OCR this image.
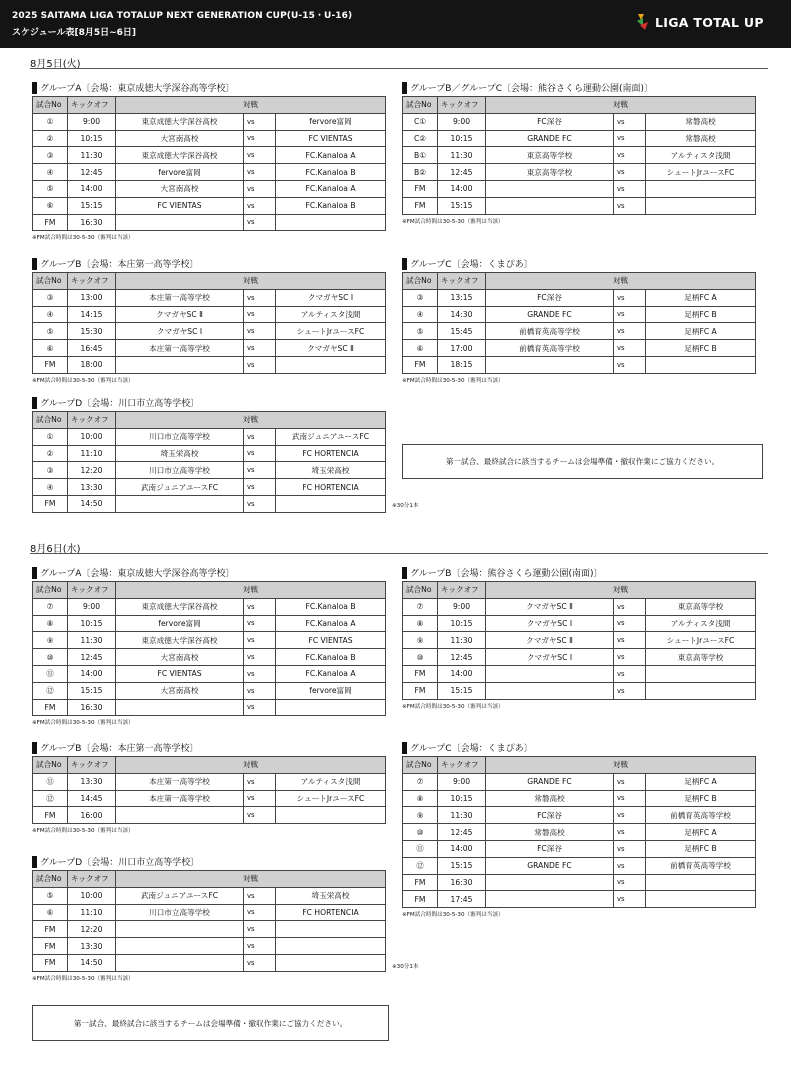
2025 SAITAMA LIGA TOTALUP NEXT GENERATION CUP(U-15・U-16)
スケジュール表[8月5日~6日]
LIGA TOTAL UP
8月5日(火)
グループA〔会場：東京成徳大学深谷高等学校〕
試合No	キックオフ	対戦		
①	9:00	東京成徳大学深谷高校	vs	fervore富岡
②	10:15	大宮南高校	vs	FC VIENTAS
③	11:30	東京成徳大学深谷高校	vs	FC.Kanaloa A
④	12:45	fervore富岡	vs	FC.Kanaloa B
⑤	14:00	大宮南高校	vs	FC.Kanaloa A
⑥	15:15	FC VIENTAS	vs	FC.Kanaloa B
FM	16:30		vs	
※FM試合時間は30-5-30（審判は当該）
グループB／グループC〔会場：熊谷さくら運動公園(南面)〕
試合No	キックオフ	対戦		
C①	9:00	FC深谷	vs	常磐高校
C②	10:15	GRANDE FC	vs	常磐高校
B①	11:30	東京高等学校	vs	アルティスタ浅間
B②	12:45	東京高等学校	vs	シュートJrユースFC
FM	14:00		vs	
FM	15:15		vs	
※FM試合時間は30-5-30（審判は当該）
グループB〔会場：本庄第一高等学校〕
試合No	キックオフ	対戦		
③	13:00	本庄第一高等学校	vs	クマガヤSC Ⅰ
④	14:15	クマガヤSC Ⅱ	vs	アルティスタ浅間
⑤	15:30	クマガヤSC Ⅰ	vs	シュートJrユースFC
⑥	16:45	本庄第一高等学校	vs	クマガヤSC Ⅱ
FM	18:00		vs	
※FM試合時間は30-5-30（審判は当該）
グループC〔会場：くまぴあ〕
試合No	キックオフ	対戦		
③	13:15	FC深谷	vs	足柄FC A
④	14:30	GRANDE FC	vs	足柄FC B
⑤	15:45	前橋育英高等学校	vs	足柄FC A
⑥	17:00	前橋育英高等学校	vs	足柄FC B
FM	18:15		vs	
※FM試合時間は30-5-30（審判は当該）
グループD〔会場：川口市立高等学校〕
試合No	キックオフ	対戦		
①	10:00	川口市立高等学校	vs	武南ジュニアユースFC
②	11:10	埼玉栄高校	vs	FC HORTENCIA
③	12:20	川口市立高等学校	vs	埼玉栄高校
④	13:30	武南ジュニアユースFC	vs	FC HORTENCIA
FM	14:50		vs		※30分1本
第一試合、最終試合に該当するチームは会場準備・撤収作業にご協力ください。
8月6日(水)
グループA〔会場：東京成徳大学深谷高等学校〕
試合No	キックオフ	対戦		
⑦	9:00	東京成徳大学深谷高校	vs	FC.Kanaloa B
⑧	10:15	fervore富岡	vs	FC.Kanaloa A
⑨	11:30	東京成徳大学深谷高校	vs	FC VIENTAS
⑩	12:45	大宮南高校	vs	FC.Kanaloa B
⑪	14:00	FC VIENTAS	vs	FC.Kanaloa A
⑫	15:15	大宮南高校	vs	fervore富岡
FM	16:30		vs	
※FM試合時間は30-5-30（審判は当該）
グループB〔会場：熊谷さくら運動公園(南面)〕
試合No	キックオフ	対戦		
⑦	9:00	クマガヤSC Ⅱ	vs	東京高等学校
⑧	10:15	クマガヤSC Ⅰ	vs	アルティスタ浅間
⑨	11:30	クマガヤSC Ⅱ	vs	シュートJrユースFC
⑩	12:45	クマガヤSC Ⅰ	vs	東京高等学校
FM	14:00		vs	
FM	15:15		vs	
※FM試合時間は30-5-30（審判は当該）
グループB〔会場：本庄第一高等学校〕
試合No	キックオフ	対戦		
⑪	13:30	本庄第一高等学校	vs	アルティスタ浅間
⑫	14:45	本庄第一高等学校	vs	シュートJrユースFC
FM	16:00		vs	
※FM試合時間は30-5-30（審判は当該）
グループC〔会場：くまぴあ〕
試合No	キックオフ	対戦		
⑦	9:00	GRANDE FC	vs	足柄FC A
⑧	10:15	常磐高校	vs	足柄FC B
⑨	11:30	FC深谷	vs	前橋育英高等学校
⑩	12:45	常磐高校	vs	足柄FC A
⑪	14:00	FC深谷	vs	足柄FC B
⑫	15:15	GRANDE FC	vs	前橋育英高等学校
FM	16:30		vs	
FM	17:45		vs	
※FM試合時間は30-5-30（審判は当該）
グループD〔会場：川口市立高等学校〕
試合No	キックオフ	対戦		
⑤	10:00	武南ジュニアユースFC	vs	埼玉栄高校
⑥	11:10	川口市立高等学校	vs	FC HORTENCIA
FM	12:20		vs	
FM	13:30		vs	
FM	14:50		vs	
※FM試合時間は30-5-30（審判は当該）
※30分1本
第一試合、最終試合に該当するチームは会場準備・撤収作業にご協力ください。
